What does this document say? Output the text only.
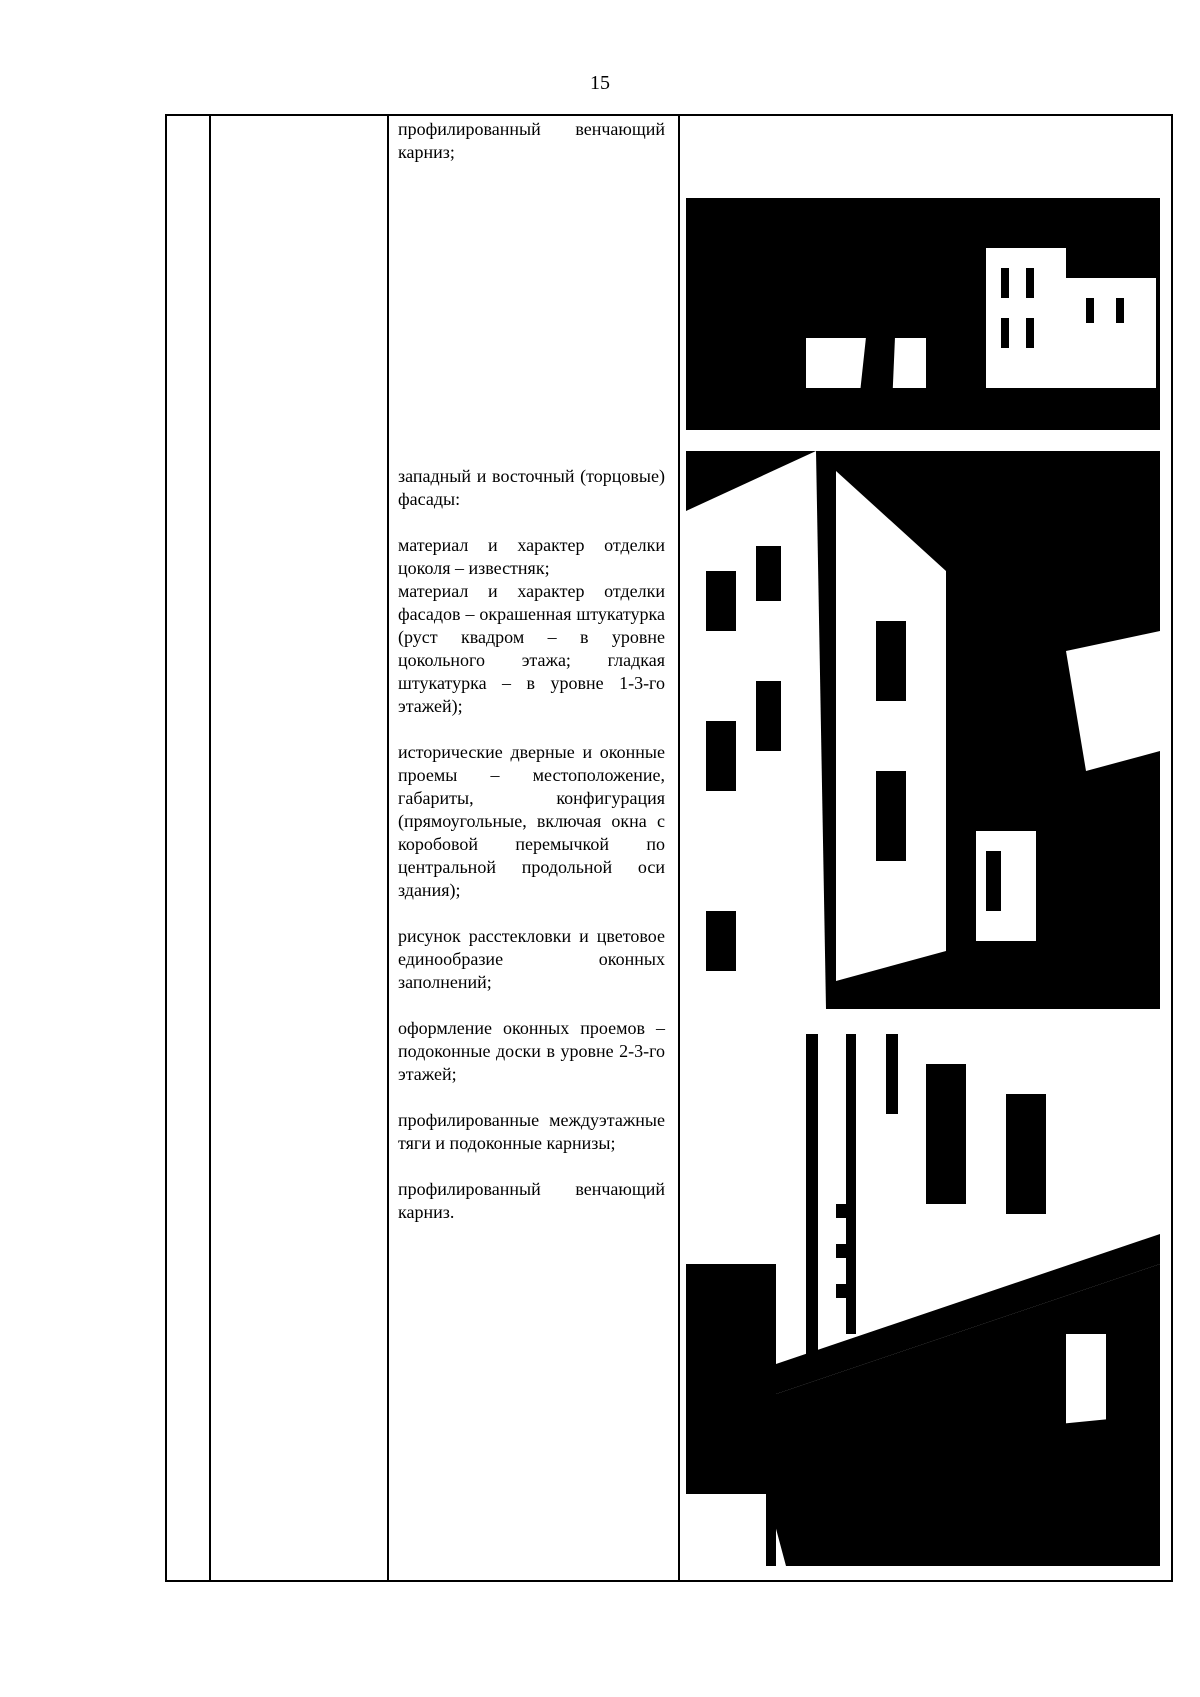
15

профилированный венчающий карниз;

западный и восточный (торцовые) фасады:

материал и характер отделки цоколя – известняк;

материал и характер отделки фасадов – окрашенная штукатурка (руст квадром – в уровне цокольного этажа; гладкая штукатурка – в уровне 1-3-го этажей);

исторические дверные и оконные проемы – местоположение, габариты, конфигурация (прямоугольные, включая окна с коробовой перемычкой по центральной продольной оси здания);

рисунок расстекловки и цветовое единообразие оконных заполнений;

оформление оконных проемов – подоконные доски в уровне 2-3-го этажей;

профилированные междуэтажные тяги и подоконные карнизы;

профилированный венчающий карниз.
